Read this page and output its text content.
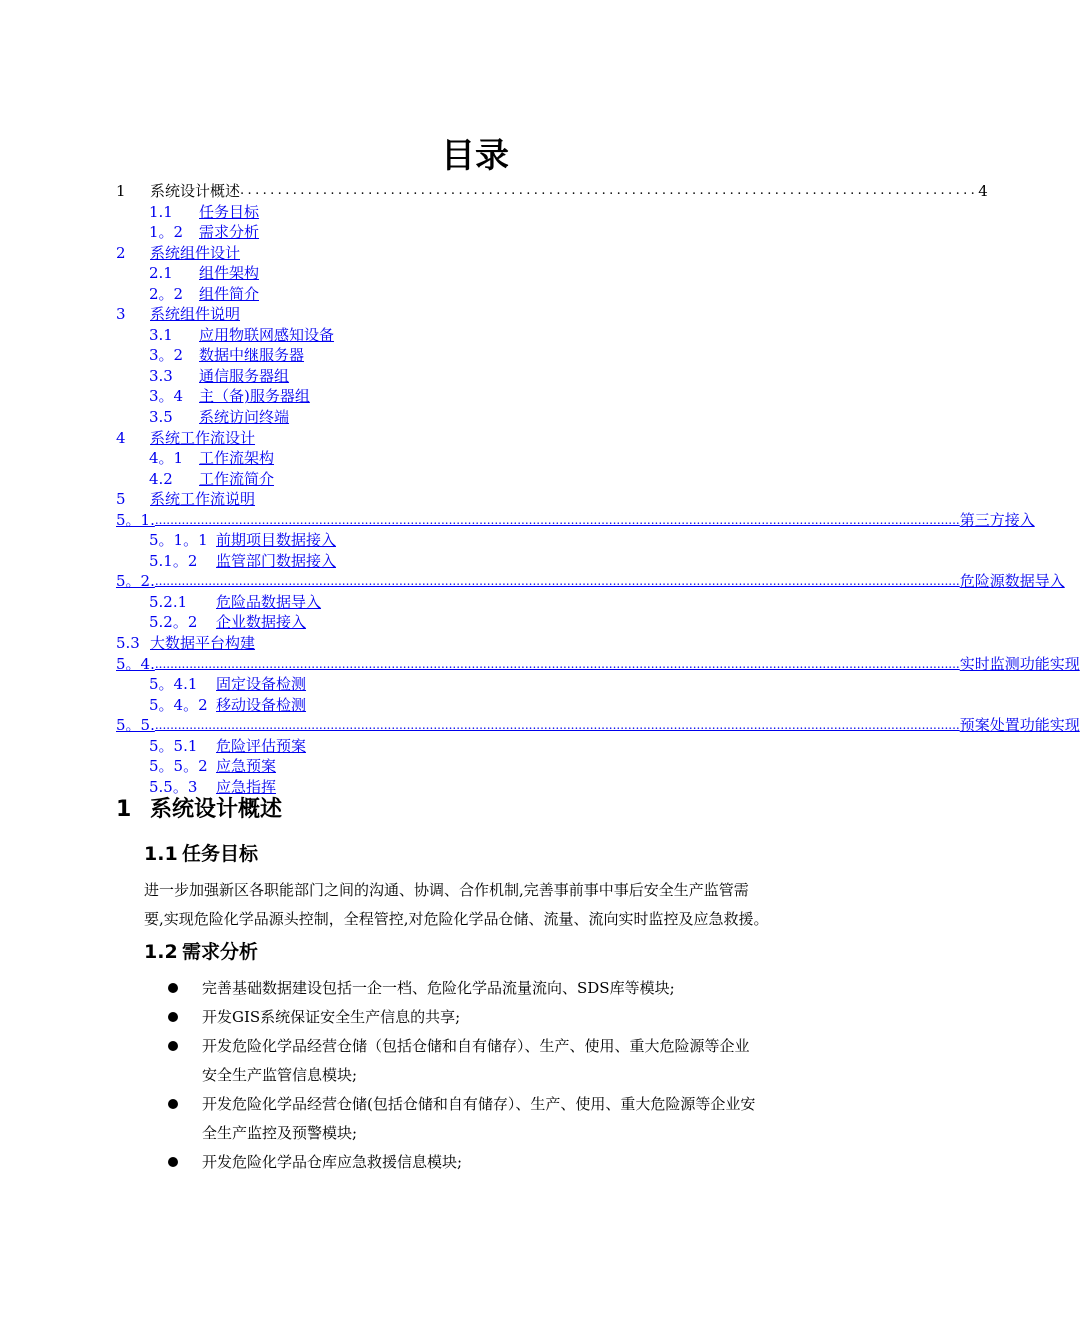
目录
1	系统设计概述 .................................................................................................. 4
1.1 任务目标
1。2 需求分析
2 系统组件设计
2.1 组件架构
2。2 组件简介
3 系统组件说明
3.1 应用物联网感知设备
3。2 数据中继服务器
3.3 通信服务器组
3。4 主（备)服务器组
3.5 系统访问终端
4 系统工作流设计
4。1 工作流架构
4.2 工作流简介
5 系统工作流说明
5。1. ................................................................................................................................................................................................................... 第三方接入
5。1。1 前期项目数据接入
5.1。2 监管部门数据接入
5。2. ................................................................................................................................................................................................................... 危险源数据导入
5.2.1 危险品数据导入
5.2。2 企业数据接入
5.3 大数据平台构建
5。4. ................................................................................................................................................................................................................... 实时监测功能实现
5。4.1 固定设备检测
5。4。2 移动设备检测
5。5. ................................................................................................................................................................................................................... 预案处置功能实现
5。5.1 危险评估预案
5。5。2 应急预案
5.5。3 应急指挥
1 系统设计概述
1.1 任务目标
进一步加强新区各职能部门之间的沟通、协调、合作机制,完善事前事中事后安全生产监管需
要,实现危险化学品源头控制，全程管控,对危险化学品仓储、流量、流向实时监控及应急救援。
1.2 需求分析
完善基础数据建设包括一企一档、危险化学品流量流向、SDS库等模块;
开发GIS系统保证安全生产信息的共享;
开发危险化学品经营仓储（包括仓储和自有储存）、生产、使用、重大危险源等企业
安全生产监管信息模块;
开发危险化学品经营仓储(包括仓储和自有储存）、生产、使用、重大危险源等企业安
全生产监控及预警模块;
开发危险化学品仓库应急救援信息模块;
